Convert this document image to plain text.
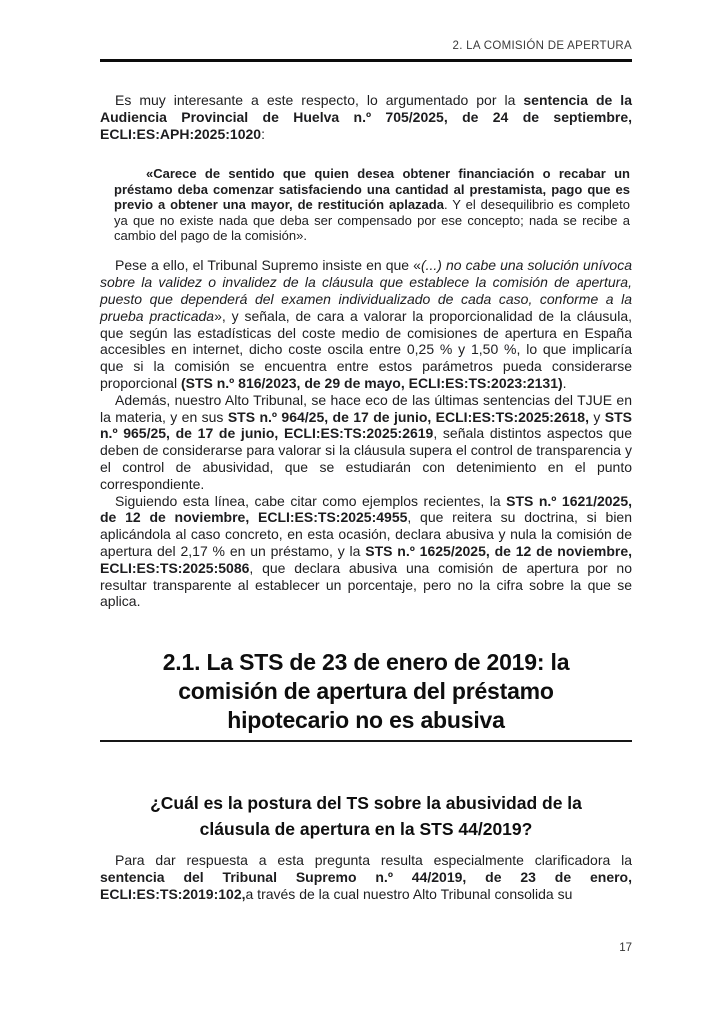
2. LA COMISIÓN DE APERTURA

Es muy interesante a este respecto, lo argumentado por la sentencia de la Audiencia Provincial de Huelva n.º 705/2025, de 24 de septiembre, ECLI:ES:APH:2025:1020:

«Carece de sentido que quien desea obtener financiación o recabar un préstamo deba comenzar satisfaciendo una cantidad al prestamista, pago que es previo a obtener una mayor, de restitución aplazada. Y el desequilibrio es completo ya que no existe nada que deba ser compensado por ese concepto; nada se recibe a cambio del pago de la comisión».

Pese a ello, el Tribunal Supremo insiste en que «(...) no cabe una solución unívoca sobre la validez o invalidez de la cláusula que establece la comisión de apertura, puesto que dependerá del examen individualizado de cada caso, conforme a la prueba practicada», y señala, de cara a valorar la proporcionalidad de la cláusula, que según las estadísticas del coste medio de comisiones de apertura en España accesibles en internet, dicho coste oscila entre 0,25 % y 1,50 %, lo que implicaría que si la comisión se encuentra entre estos parámetros pueda considerarse proporcional (STS n.º 816/2023, de 29 de mayo, ECLI:ES:TS:2023:2131).

Además, nuestro Alto Tribunal, se hace eco de las últimas sentencias del TJUE en la materia, y en sus STS n.º 964/25, de 17 de junio, ECLI:ES:TS:2025:2618, y STS n.º 965/25, de 17 de junio, ECLI:ES:TS:2025:2619, señala distintos aspectos que deben de considerarse para valorar si la cláusula supera el control de transparencia y el control de abusividad, que se estudiarán con detenimiento en el punto correspondiente.

Siguiendo esta línea, cabe citar como ejemplos recientes, la STS n.º 1621/2025, de 12 de noviembre, ECLI:ES:TS:2025:4955, que reitera su doctrina, si bien aplicándola al caso concreto, en esta ocasión, declara abusiva y nula la comisión de apertura del 2,17 % en un préstamo, y la STS n.º 1625/2025, de 12 de noviembre, ECLI:ES:TS:2025:5086, que declara abusiva una comisión de apertura por no resultar transparente al establecer un porcentaje, pero no la cifra sobre la que se aplica.

2.1. La STS de 23 de enero de 2019: la comisión de apertura del préstamo hipotecario no es abusiva
¿Cuál es la postura del TS sobre la abusividad de la cláusula de apertura en la STS 44/2019?

Para dar respuesta a esta pregunta resulta especialmente clarificadora la sentencia del Tribunal Supremo n.º 44/2019, de 23 de enero, ECLI:ES:TS:2019:102,a través de la cual nuestro Alto Tribunal consolida su

17
